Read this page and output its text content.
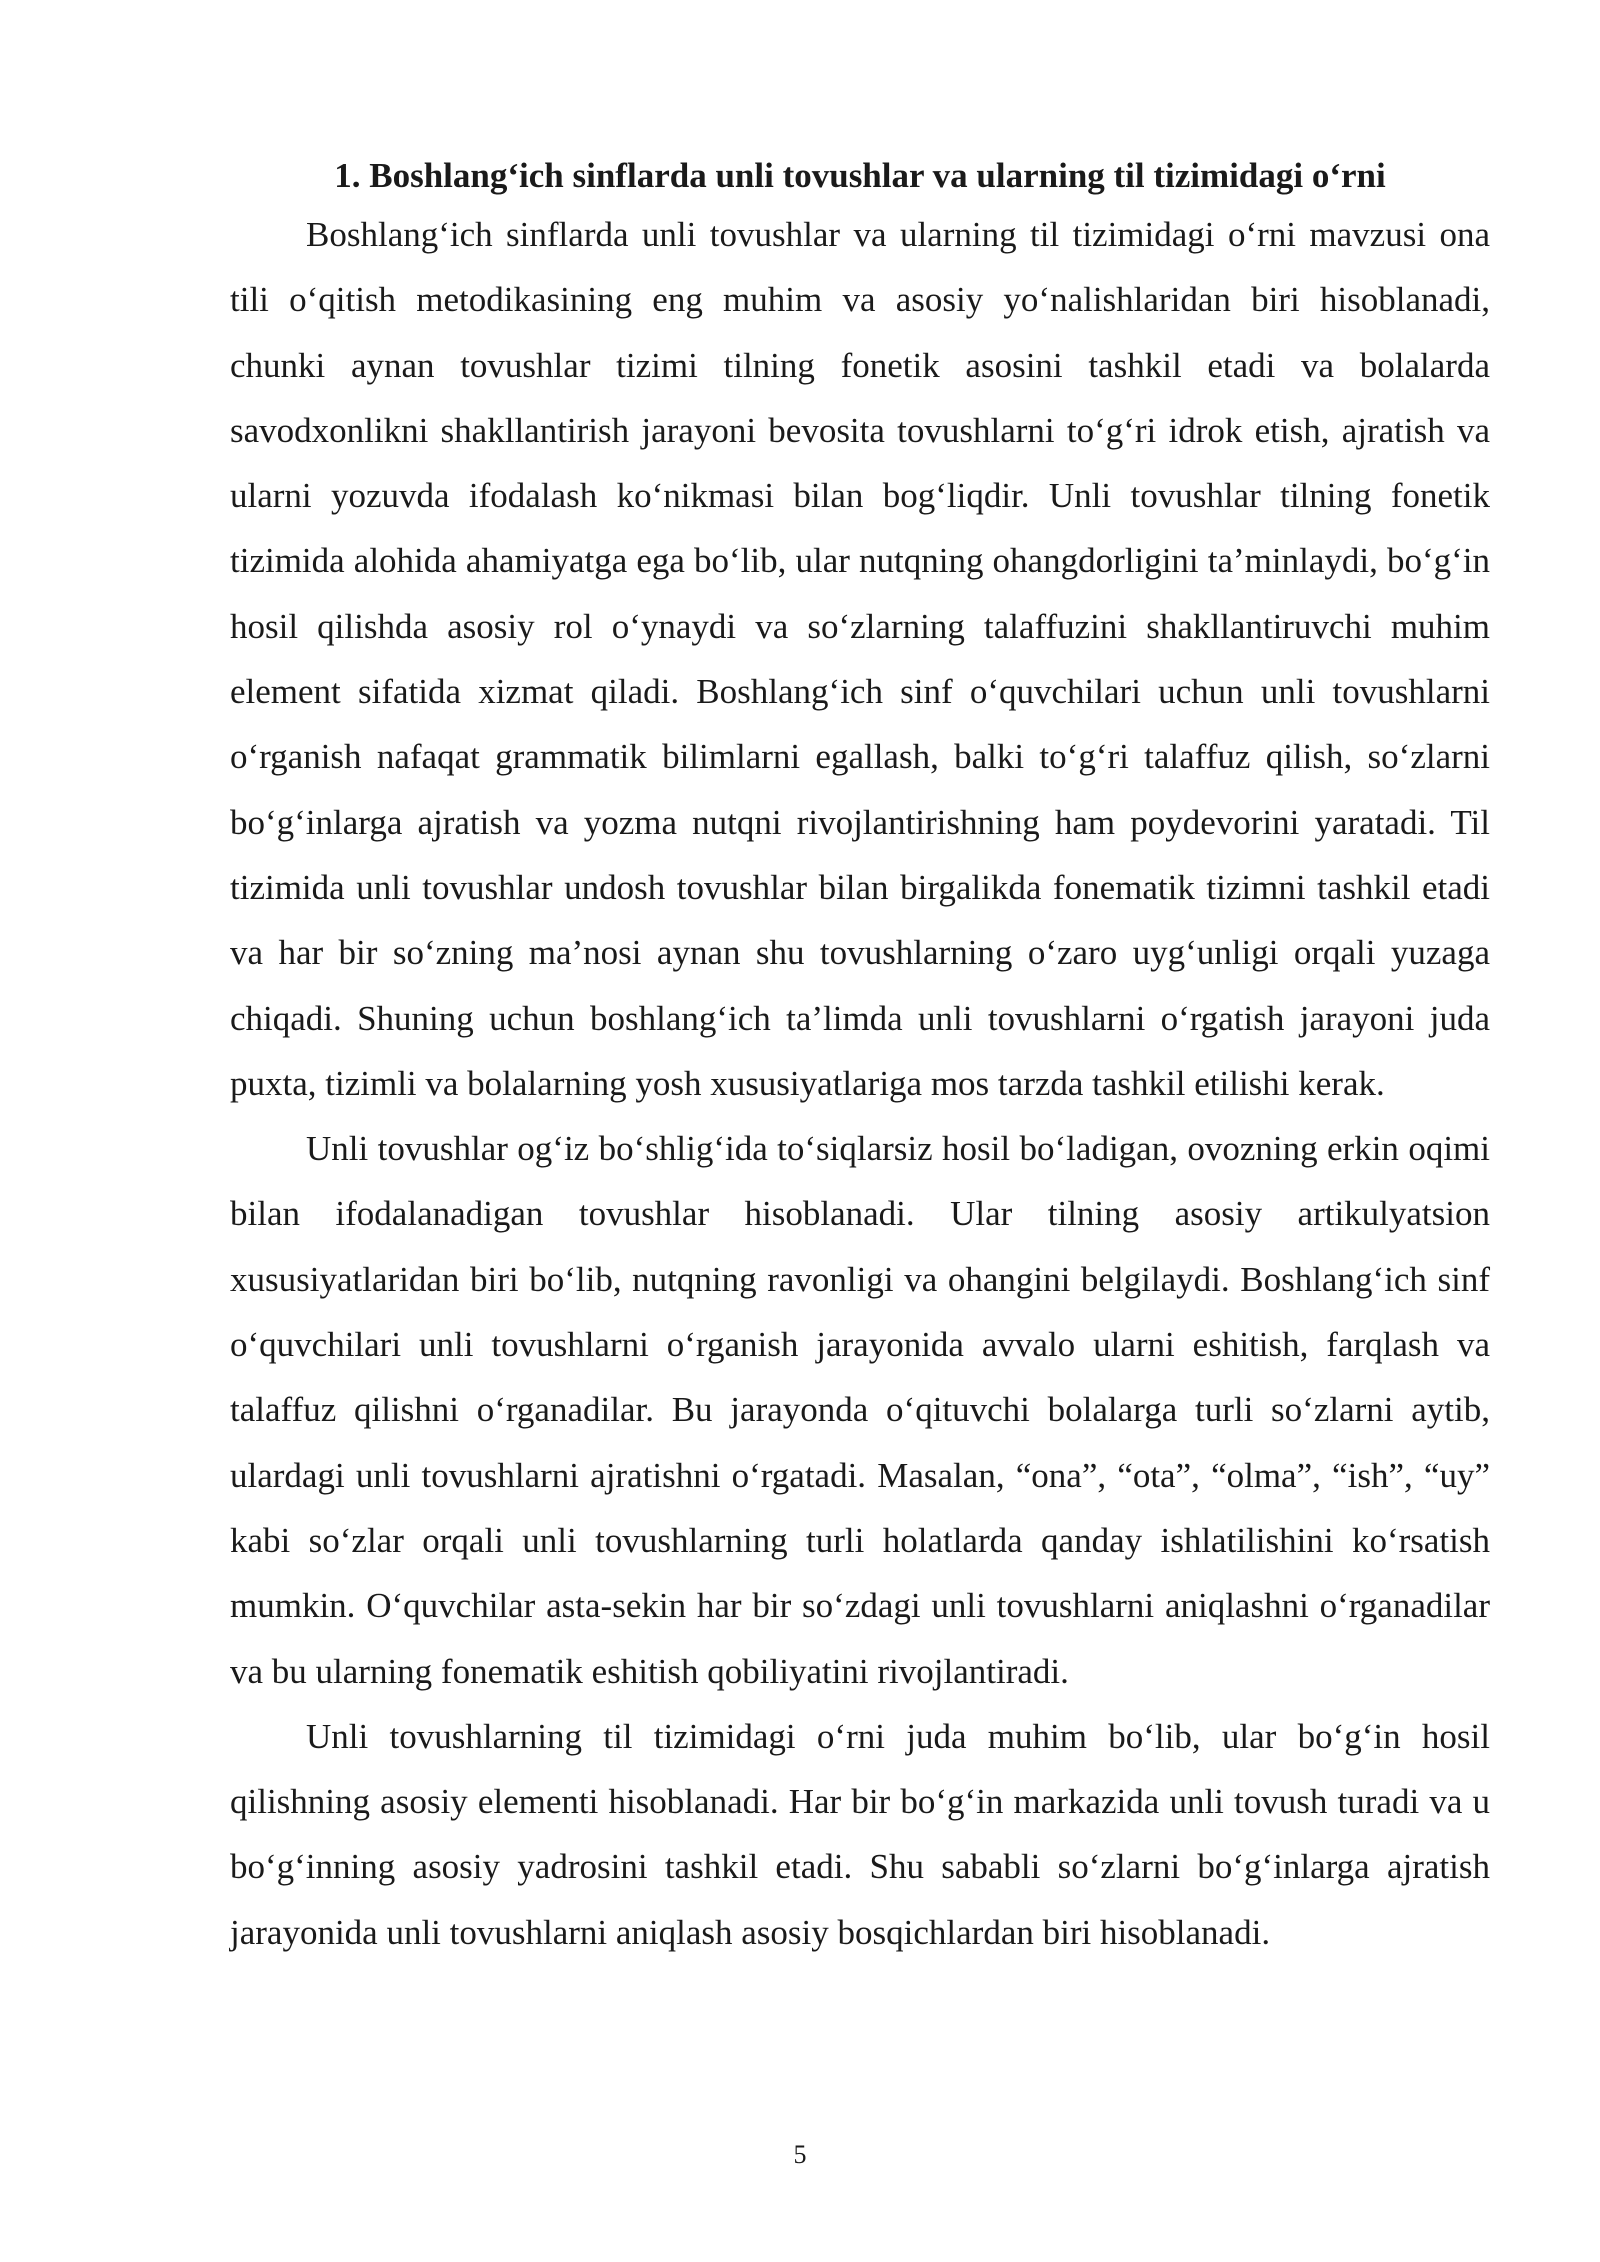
1. Boshlang‘ich sinflarda unli tovushlar va ularning til tizimidagi o‘rni

Boshlang‘ich sinflarda unli tovushlar va ularning til tizimidagi o‘rni mavzusi ona tili o‘qitish metodikasining eng muhim va asosiy yo‘nalishlaridan biri hisoblanadi, chunki aynan tovushlar tizimi tilning fonetik asosini tashkil etadi va bolalarda savodxonlikni shakllantirish jarayoni bevosita tovushlarni to‘g‘ri idrok etish, ajratish va ularni yozuvda ifodalash ko‘nikmasi bilan bog‘liqdir. Unli tovushlar tilning fonetik tizimida alohida ahamiyatga ega bo‘lib, ular nutqning ohangdorligini ta’minlaydi, bo‘g‘in hosil qilishda asosiy rol o‘ynaydi va so‘zlarning talaffuzini shakllantiruvchi muhim element sifatida xizmat qiladi. Boshlang‘ich sinf o‘quvchilari uchun unli tovushlarni o‘rganish nafaqat grammatik bilimlarni egallash, balki to‘g‘ri talaffuz qilish, so‘zlarni bo‘g‘inlarga ajratish va yozma nutqni rivojlantirishning ham poydevorini yaratadi. Til tizimida unli tovushlar undosh tovushlar bilan birgalikda fonematik tizimni tashkil etadi va har bir so‘zning ma’nosi aynan shu tovushlarning o‘zaro uyg‘unligi orqali yuzaga chiqadi. Shuning uchun boshlang‘ich ta’limda unli tovushlarni o‘rgatish jarayoni juda puxta, tizimli va bolalarning yosh xususiyatlariga mos tarzda tashkil etilishi kerak.

Unli tovushlar og‘iz bo‘shlig‘ida to‘siqlarsiz hosil bo‘ladigan, ovozning erkin oqimi bilan ifodalanadigan tovushlar hisoblanadi. Ular tilning asosiy artikulyatsion xususiyatlaridan biri bo‘lib, nutqning ravonligi va ohangini belgilaydi. Boshlang‘ich sinf o‘quvchilari unli tovushlarni o‘rganish jarayonida avvalo ularni eshitish, farqlash va talaffuz qilishni o‘rganadilar. Bu jarayonda o‘qituvchi bolalarga turli so‘zlarni aytib, ulardagi unli tovushlarni ajratishni o‘rgatadi. Masalan, “ona”, “ota”, “olma”, “ish”, “uy” kabi so‘zlar orqali unli tovushlarning turli holatlarda qanday ishlatilishini ko‘rsatish mumkin. O‘quvchilar asta-sekin har bir so‘zdagi unli tovushlarni aniqlashni o‘rganadilar va bu ularning fonematik eshitish qobiliyatini rivojlantiradi.

Unli tovushlarning til tizimidagi o‘rni juda muhim bo‘lib, ular bo‘g‘in hosil qilishning asosiy elementi hisoblanadi. Har bir bo‘g‘in markazida unli tovush turadi va u bo‘g‘inning asosiy yadrosini tashkil etadi. Shu sababli so‘zlarni bo‘g‘inlarga ajratish jarayonida unli tovushlarni aniqlash asosiy bosqichlardan biri hisoblanadi.

5
